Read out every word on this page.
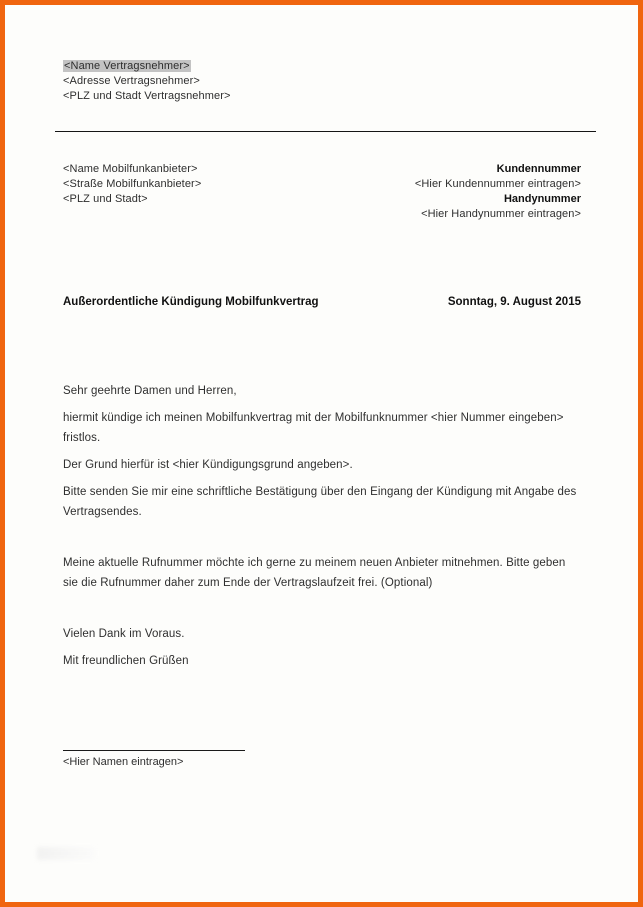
<Name Vertragsnehmer>
<Adresse Vertragsnehmer>
<PLZ und Stadt Vertragsnehmer>
<Name Mobilfunkanbieter>
<Straße Mobilfunkanbieter>
<PLZ und Stadt>
Kundennummer
<Hier Kundennummer eintragen>
Handynummer
<Hier Handynummer eintragen>
Außerordentliche Kündigung Mobilfunkvertrag	Sonntag, 9. August 2015

Sehr geehrte Damen und Herren,

hiermit kündige ich meinen Mobilfunkvertrag mit der Mobilfunknummer <hier Nummer eingeben> fristlos.

Der Grund hierfür ist <hier Kündigungsgrund angeben>.

Bitte senden Sie mir eine schriftliche Bestätigung über den Eingang der Kündigung mit Angabe des Vertragsendes.

Meine aktuelle Rufnummer möchte ich gerne zu meinem neuen Anbieter mitnehmen. Bitte geben sie die Rufnummer daher zum Ende der Vertragslaufzeit frei. (Optional)

Vielen Dank im Voraus.

Mit freundlichen Grüßen

<Hier Namen eintragen>
